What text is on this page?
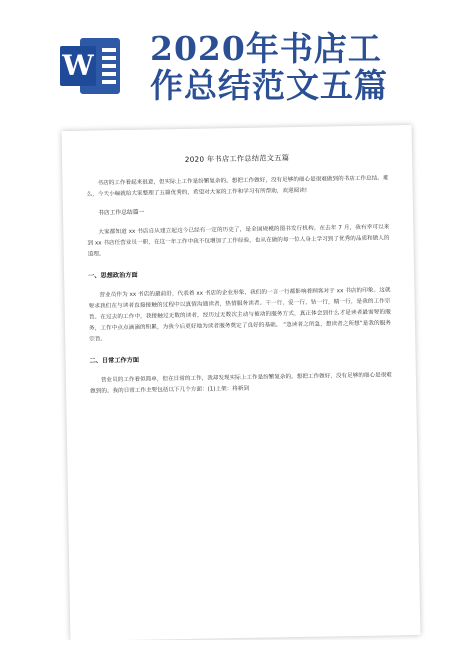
W 2020年书店工
作总结范文五篇
2020 年书店工作总结范文五篇

书店的工作看起来很意，但实际上工作是纷繁复杂的。想把工作做好，没有足够的细心是很难做到的书店工作总结。难么，今天小编就给大家整理了五篇优秀的，希望对大家的工作和学习有所帮助，欢迎阅读!

书店工作总结篇一

大家都知道 xx 书店自从建立起这今已经有一定的历史了，是全国规模的图书发行机构。在去年 7 月，我有幸可以来到 xx 书店任营业员一职，在这一年工作中我不仅增加了工作经验，也从在做的每一位人身上学习到了优秀的品质和做人的道理。

一、思想政治方面

营业员作为 xx 书店的最前沿，代表着 xx 书店的企业形象，我们的一言一行都影响着顾客对于 xx 书店的印象。这就要求我们在与读者直接接触的过程中以真情沟通读者，热情服务读者。干一行，爱一行，钻一行，精一行，是我的工作宗旨。在过去的工作中，我接触过无数的读者，经历过无数次主动与被动的服务方式，真正体会到什么才是读者最需要的服务，工作中点点滴滴的积累，为我今后更好地为读者服务奠定了良好的基础。 “急读者之所急，想读者之所想”是我的服务宗旨。

二、日常工作方面

营业员的工作看似简单，但在日常的工作，我却发现实际上工作是纷繁复杂的。想把工作做好，没有足够的细心是很难做到的。我的日常工作主要包括以下几个方面：(1)上架：将新到
